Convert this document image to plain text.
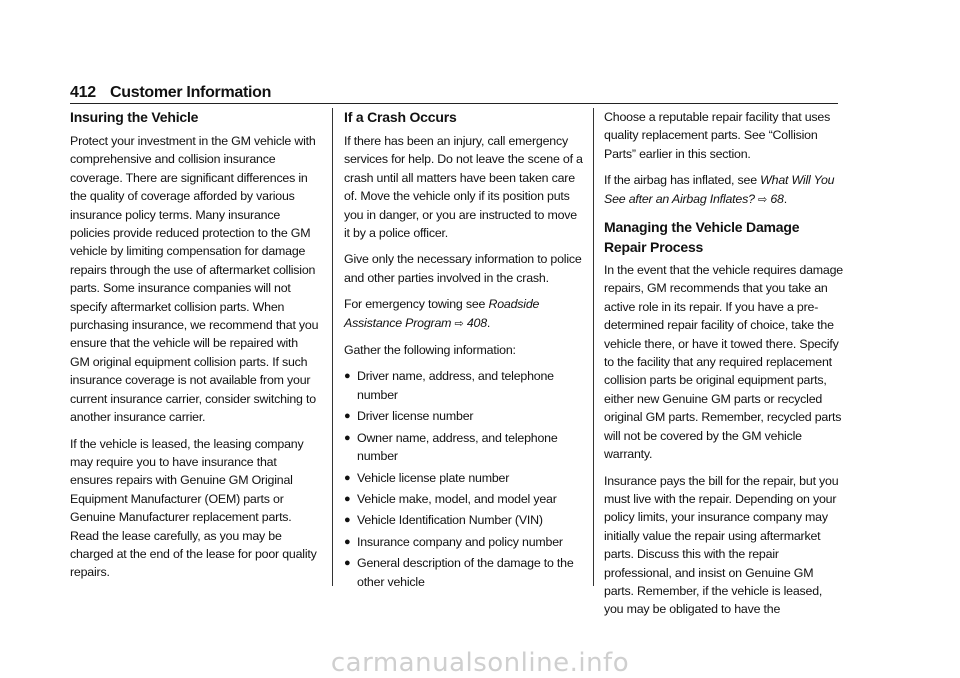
412 Customer Information
Insuring the Vehicle

Protect your investment in the GM vehicle with comprehensive and collision insurance coverage. There are significant differences in the quality of coverage afforded by various insurance policy terms. Many insurance policies provide reduced protection to the GM vehicle by limiting compensation for damage repairs through the use of aftermarket collision parts. Some insurance companies will not specify aftermarket collision parts. When purchasing insurance, we recommend that you ensure that the vehicle will be repaired with GM original equipment collision parts. If such insurance coverage is not available from your current insurance carrier, consider switching to another insurance carrier.

If the vehicle is leased, the leasing company may require you to have insurance that ensures repairs with Genuine GM Original Equipment Manufacturer (OEM) parts or Genuine Manufacturer replacement parts. Read the lease carefully, as you may be charged at the end of the lease for poor quality repairs.

If a Crash Occurs

If there has been an injury, call emergency services for help. Do not leave the scene of a crash until all matters have been taken care of. Move the vehicle only if its position puts you in danger, or you are instructed to move it by a police officer.

Give only the necessary information to police and other parties involved in the crash.

For emergency towing see Roadside Assistance Program ⇨ 408.

Gather the following information:

● Driver name, address, and telephone number
● Driver license number
● Owner name, address, and telephone number
● Vehicle license plate number
● Vehicle make, model, and model year
● Vehicle Identification Number (VIN)
● Insurance company and policy number
● General description of the damage to the other vehicle

Choose a reputable repair facility that uses quality replacement parts. See “Collision Parts” earlier in this section.

If the airbag has inflated, see What Will You See after an Airbag Inflates? ⇨ 68.

Managing the Vehicle Damage Repair Process

In the event that the vehicle requires damage repairs, GM recommends that you take an active role in its repair. If you have a pre-determined repair facility of choice, take the vehicle there, or have it towed there. Specify to the facility that any required replacement collision parts be original equipment parts, either new Genuine GM parts or recycled original GM parts. Remember, recycled parts will not be covered by the GM vehicle warranty.

Insurance pays the bill for the repair, but you must live with the repair. Depending on your policy limits, your insurance company may initially value the repair using aftermarket parts. Discuss this with the repair professional, and insist on Genuine GM parts. Remember, if the vehicle is leased, you may be obligated to have the

carmanualsonline.info
